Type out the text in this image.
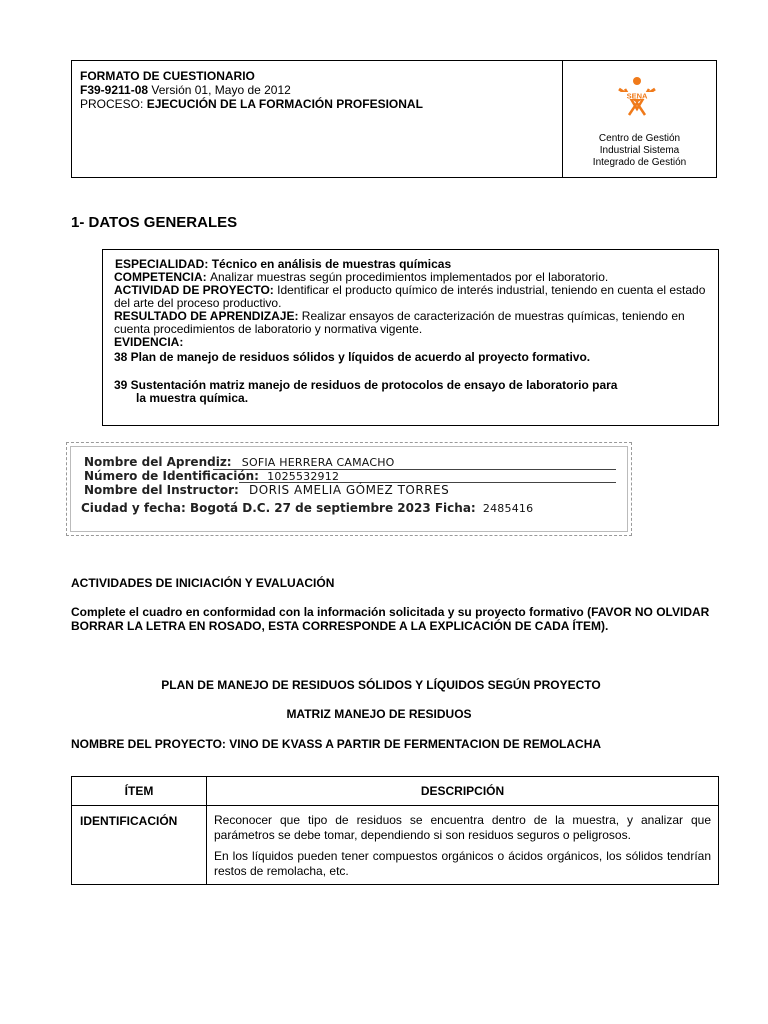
FORMATO DE CUESTIONARIO
F39-9211-08 Versión 01, Mayo de 2012
PROCESO: EJECUCIÓN DE LA FORMACIÓN PROFESIONAL
SENA
Centro de Gestión
Industrial Sistema
Integrado de Gestión
1- DATOS GENERALES

ESPECIALIDAD: Técnico en análisis de muestras químicas

COMPETENCIA: Analizar muestras según procedimientos implementados por el laboratorio.

ACTIVIDAD DE PROYECTO: Identificar el producto químico de interés industrial, teniendo en cuenta el estado del arte del proceso productivo.

RESULTADO DE APRENDIZAJE: Realizar ensayos de caracterización de muestras químicas, teniendo en cuenta procedimientos de laboratorio y normativa vigente.

EVIDENCIA:

38 Plan de manejo de residuos sólidos y líquidos de acuerdo al proyecto formativo.

39 Sustentación matriz manejo de residuos de protocolos de ensayo de laboratorio para

la muestra química.

Nombre del Aprendiz: SOFIA HERRERA CAMACHO
Número de Identificación: 1025532912
Nombre del Instructor: DORIS AMELIA GÓMEZ TORRES
Ciudad y fecha: Bogotá D.C. 27 de septiembre 2023 Ficha: 2485416
ACTIVIDADES DE INICIACIÓN Y EVALUACIÓN
Complete el cuadro en conformidad con la información solicitada y su proyecto formativo (FAVOR NO OLVIDAR
BORRAR LA LETRA EN ROSADO, ESTA CORRESPONDE A LA EXPLICACIÓN DE CADA ÍTEM).
PLAN DE MANEJO DE RESIDUOS SÓLIDOS Y LÍQUIDOS SEGÚN PROYECTO
MATRIZ MANEJO DE RESIDUOS
NOMBRE DEL PROYECTO: VINO DE KVASS A PARTIR DE FERMENTACION DE REMOLACHA
ÍTEM	DESCRIPCIÓN
IDENTIFICACIÓN	Reconocer que tipo de residuos se encuentra dentro de la muestra, y analizar que parámetros se debe tomar, dependiendo si son residuos seguros o peligrosos.

En los líquidos pueden tener compuestos orgánicos o ácidos orgánicos, los sólidos tendrían restos de remolacha, etc.
